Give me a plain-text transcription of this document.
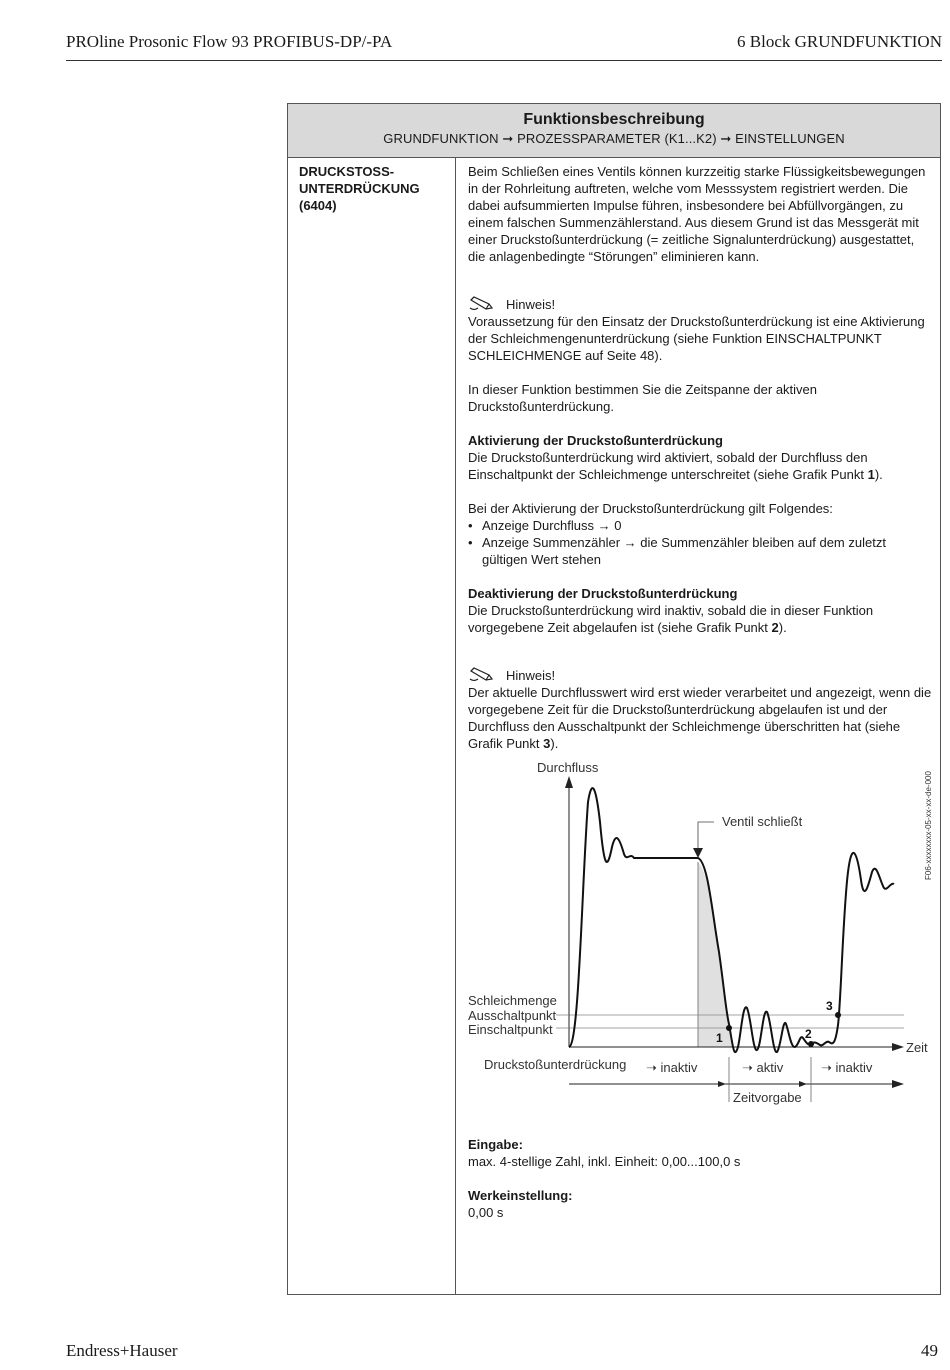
PROline Prosonic Flow 93 PROFIBUS-DP/-PA	6 Block GRUNDFUNKTION
Funktionsbeschreibung
GRUNDFUNKTION ➞ PROZESSPARAMETER (K1...K2) ➞ EINSTELLUNGEN
DRUCKSTOSS-
UNTERDRÜCKUNG
(6404)

Beim Schließen eines Ventils können kurzzeitig starke Flüssigkeitsbewegungen in der Rohrleitung auftreten, welche vom Messsystem registriert werden. Die dabei aufsummierten Impulse führen, insbesondere bei Abfüllvorgängen, zu einem falschen Summenzählerstand. Aus diesem Grund ist das Messgerät mit einer Druckstoßunterdrückung (= zeitliche Signalunterdrückung) ausgestattet, die anlagenbedingte “Störungen” eliminieren kann.

Hinweis!

Voraussetzung für den Einsatz der Druckstoßunterdrückung ist eine Aktivierung der Schleichmengenunterdrückung (siehe Funktion EINSCHALTPUNKT SCHLEICHMENGE auf Seite 48).

In dieser Funktion bestimmen Sie die Zeitspanne der aktiven Druckstoßunterdrückung.

Aktivierung der Druckstoßunterdrückung

Die Druckstoßunterdrückung wird aktiviert, sobald der Durchfluss den Einschaltpunkt der Schleichmenge unterschreitet (siehe Grafik Punkt 1).

Bei der Aktivierung der Druckstoßunterdrückung gilt Folgendes:

• Anzeige Durchfluss → 0
• Anzeige Summenzähler → die Summenzähler bleiben auf dem zuletzt gültigen Wert stehen

Deaktivierung der Druckstoßunterdrückung

Die Druckstoßunterdrückung wird inaktiv, sobald die in dieser Funktion vorgegebene Zeit abgelaufen ist (siehe Grafik Punkt 2).

Hinweis!

Der aktuelle Durchflusswert wird erst wieder verarbeitet und angezeigt, wenn die vorgegebene Zeit für die Druckstoßunterdrückung abgelaufen ist und der Durchfluss den Ausschaltpunkt der Schleichmenge überschritten hat (siehe Grafik Punkt 3).

1	2
3
Ventil schließt
Durchfluss
Zeit
Schleichmenge
Ausschaltpunkt
Einschaltpunkt
Druckstoßunterdrückung ➝ inaktiv	➝ aktiv	➝ inaktiv
Zeitvorgabe

Eingabe:

max. 4-stellige Zahl, inkl. Einheit: 0,00...100,0 s

Werkeinstellung:

0,00 s

F06-xxxxxxxx-05-xx-xx-de-000
Endress+Hauser	49
